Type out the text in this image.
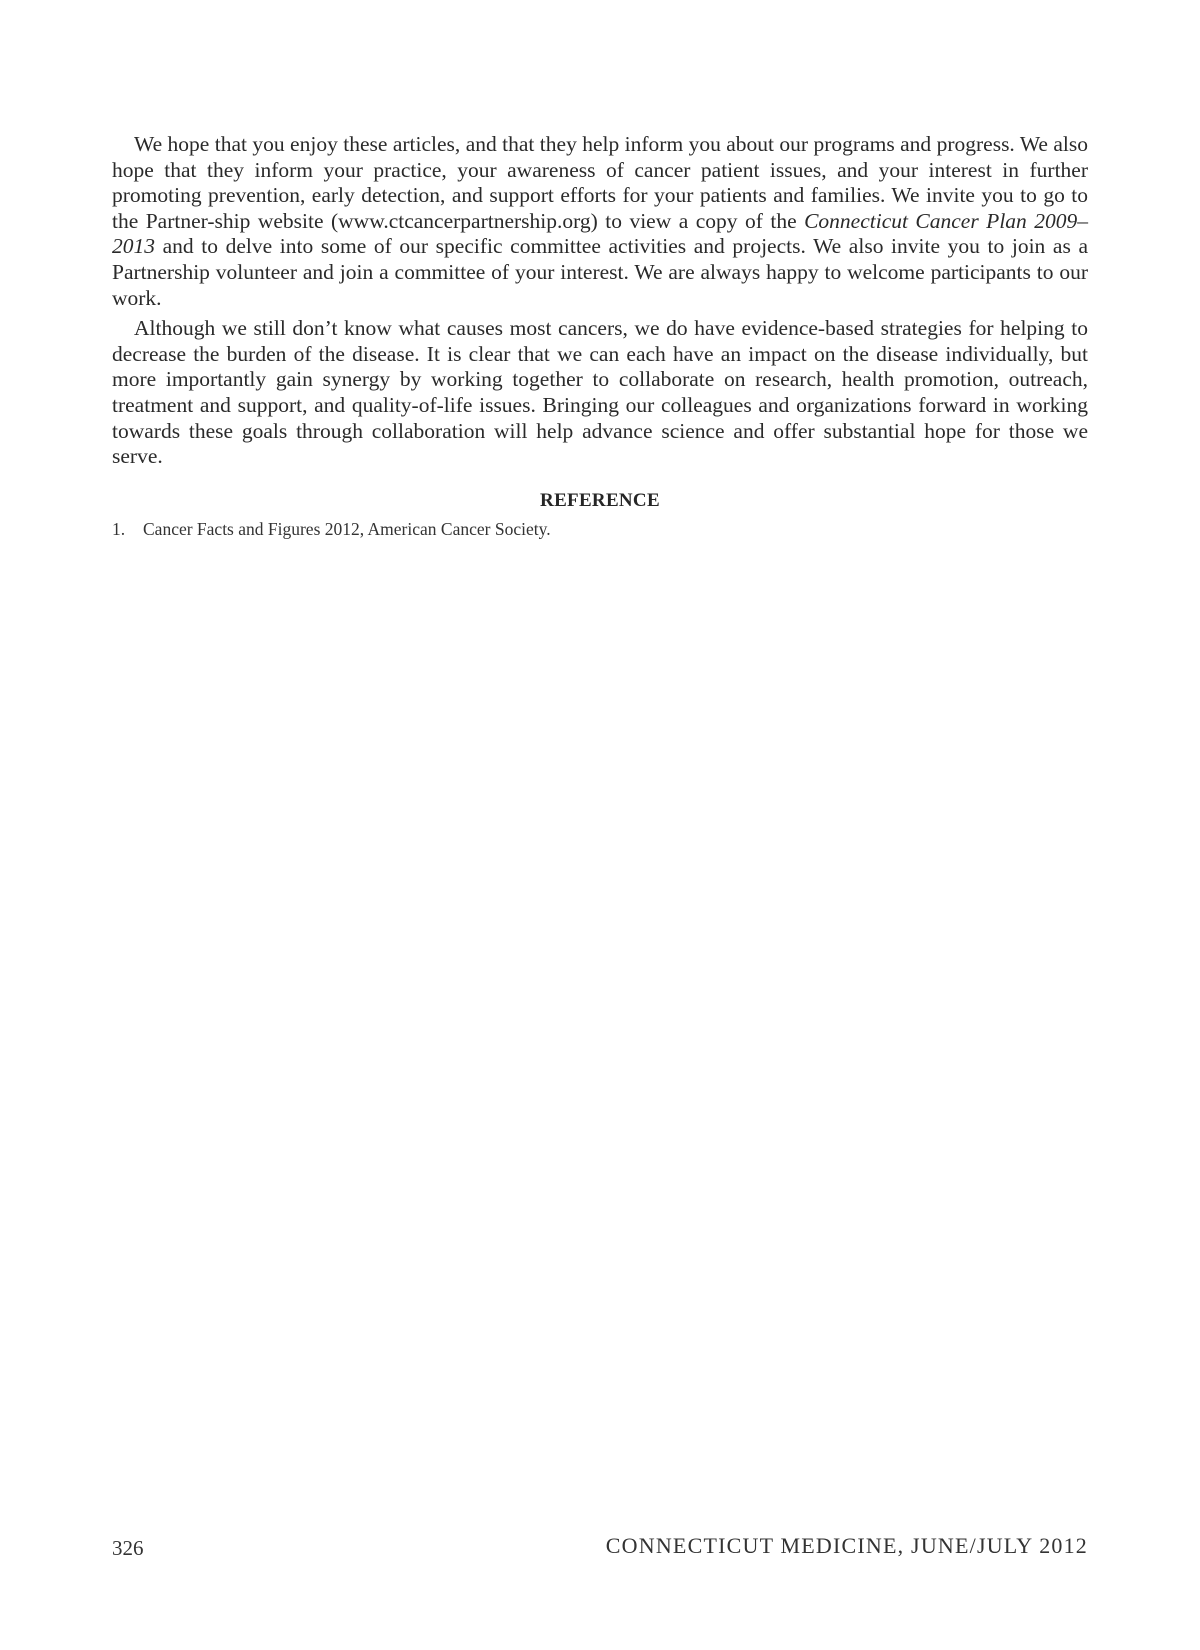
We hope that you enjoy these articles, and that they help inform you about our programs and progress. We also hope that they inform your practice, your awareness of cancer patient issues, and your interest in further promoting prevention, early detection, and support efforts for your patients and families. We invite you to go to the Partner-ship website (www.ctcancerpartnership.org) to view a copy of the Connecticut Cancer Plan 2009–2013 and to delve into some of our specific committee activities and projects. We also invite you to join as a Partnership volunteer and join a committee of your interest. We are always happy to welcome participants to our work.

Although we still don’t know what causes most cancers, we do have evidence-based strategies for helping to decrease the burden of the disease. It is clear that we can each have an impact on the disease individually, but more importantly gain synergy by working together to collaborate on research, health promotion, outreach, treatment and support, and quality-of-life issues. Bringing our colleagues and organizations forward in working towards these goals through collaboration will help advance science and offer substantial hope for those we serve.

REFERENCE
1.	Cancer Facts and Figures 2012, American Cancer Society.
326	CONNECTICUT MEDICINE, JUNE/JULY 2012
